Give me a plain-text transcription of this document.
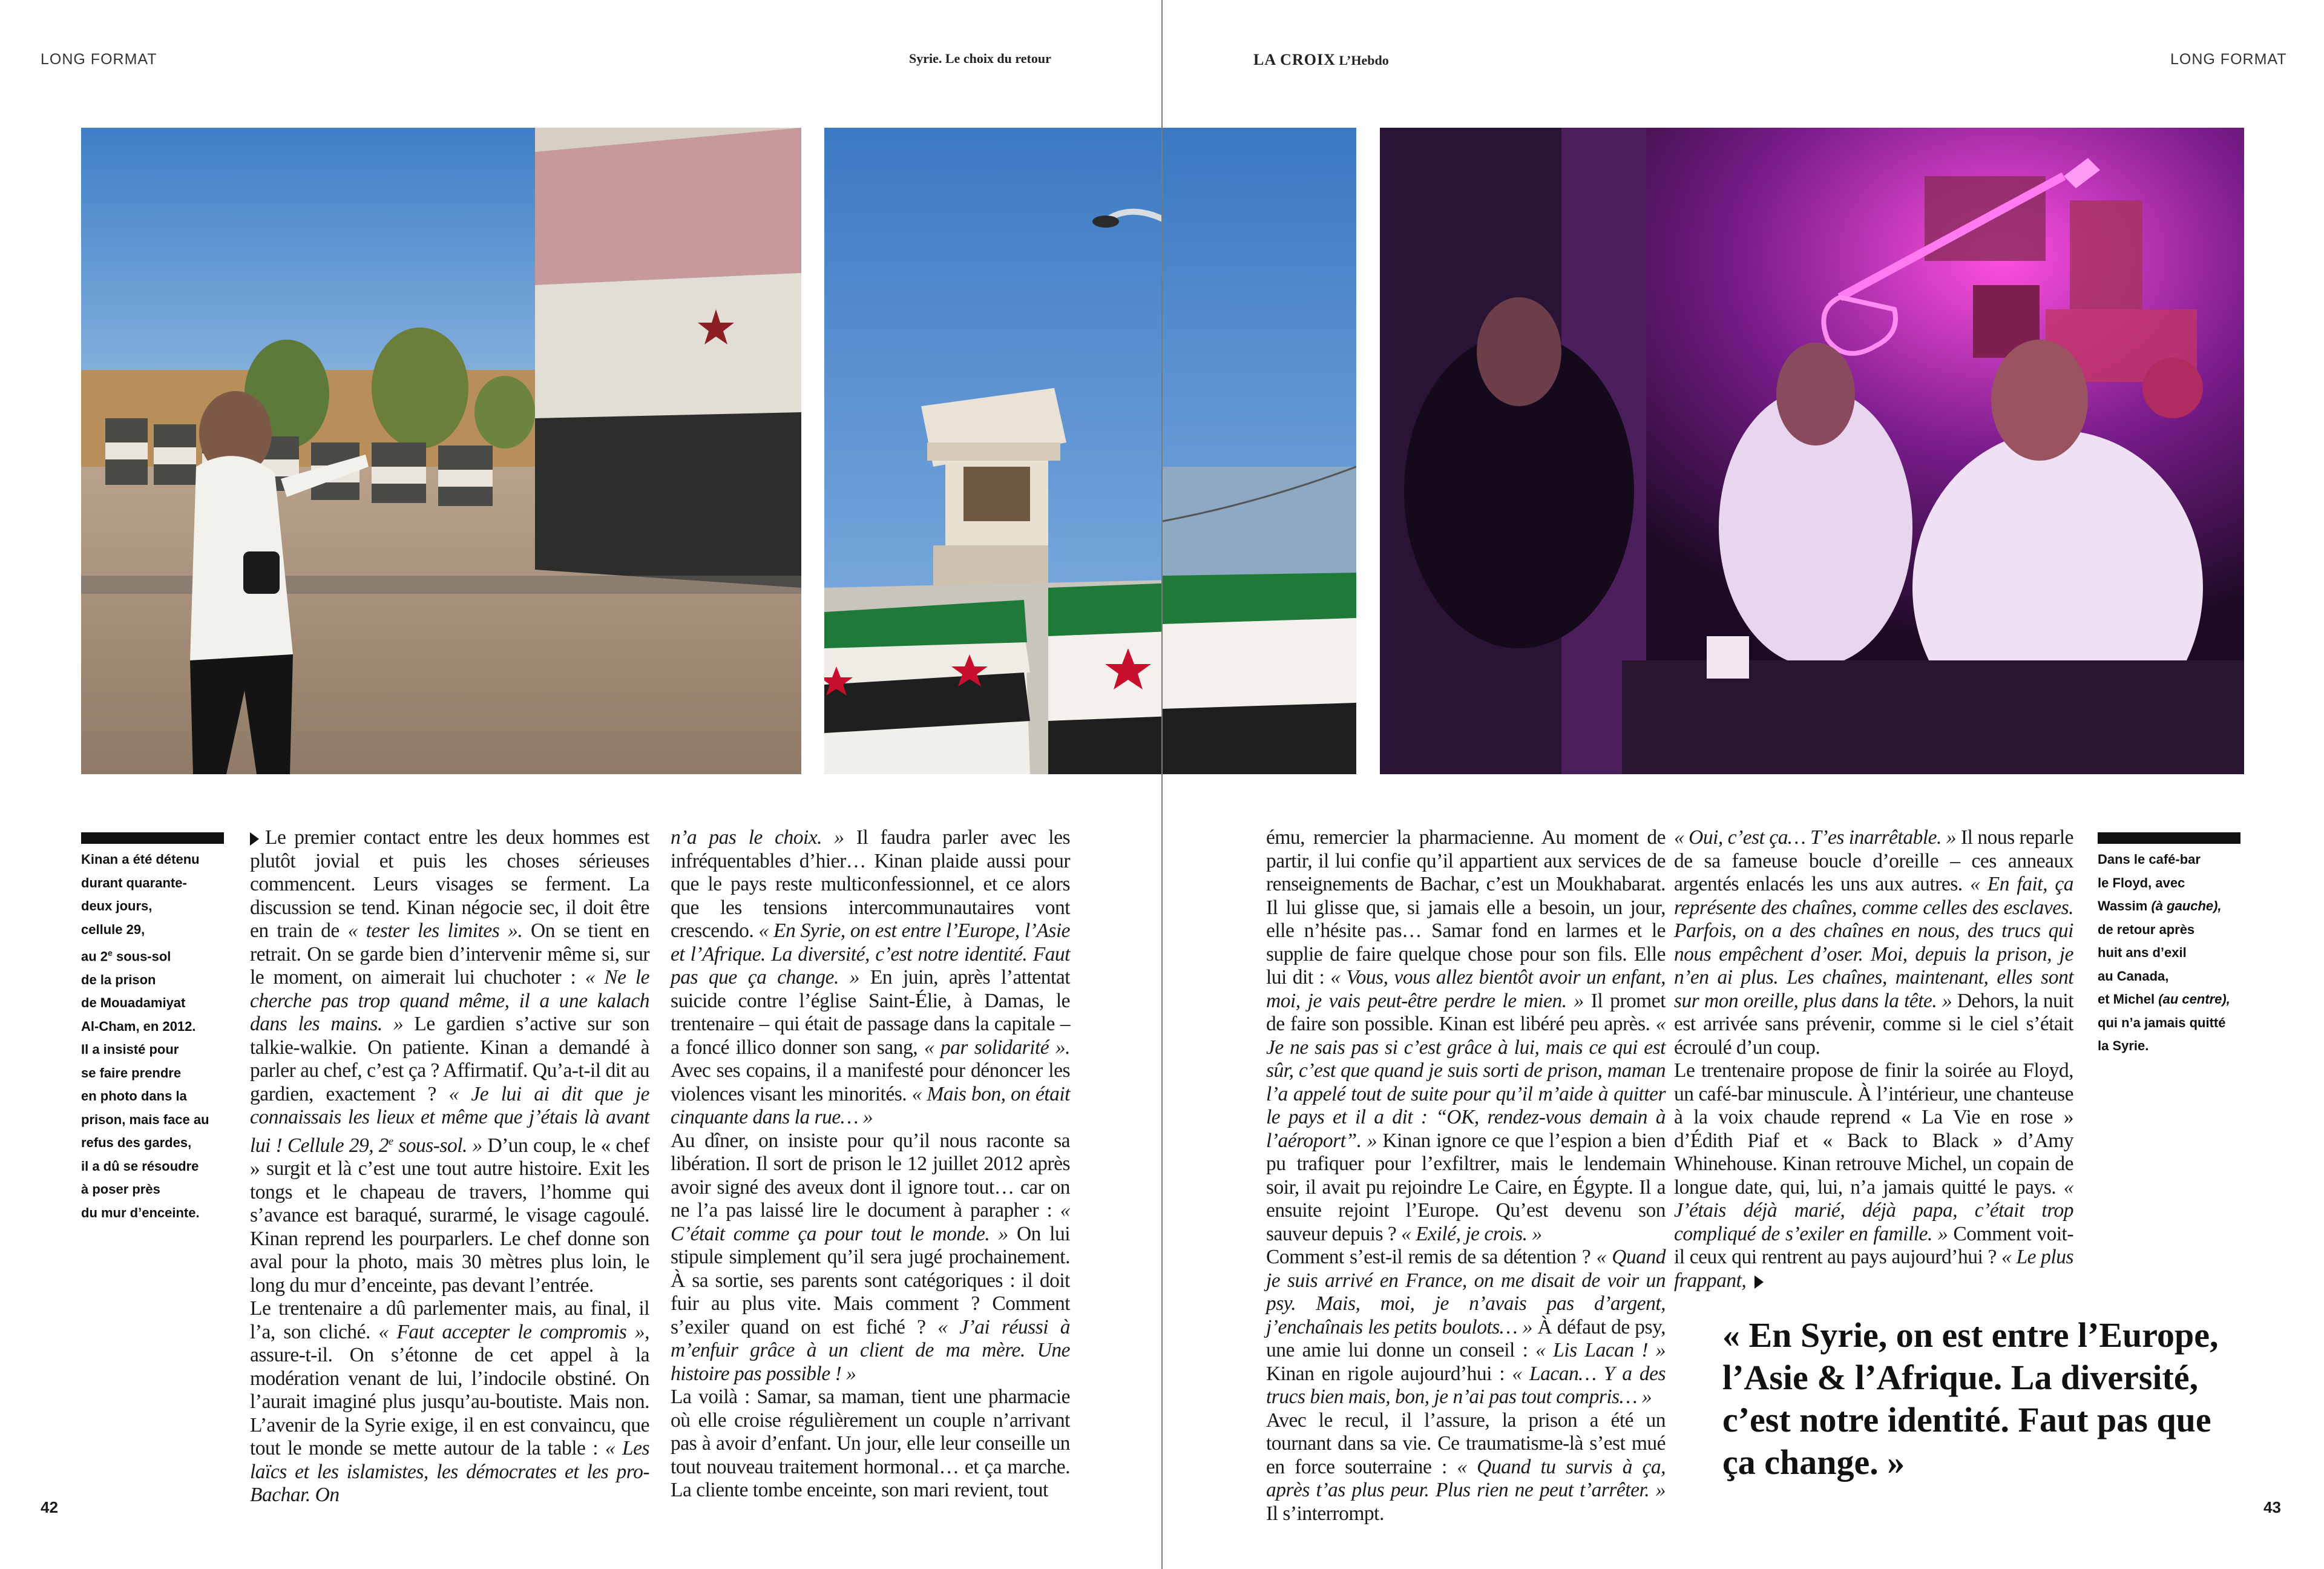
LONG FORMAT	Syrie. Le choix du retour
Kinan a été détenu
durant quarante-
deux jours,
cellule 29,
au 2e sous-sol
de la prison
de Mouadamiyat
Al-Cham, en 2012.
Il a insisté pour
se faire prendre
en photo dans la
prison, mais face au
refus des gardes,
il a dû se résoudre
à poser près
du mur d’enceinte.

Le premier contact entre les deux hommes est plutôt jovial et puis les choses sérieuses commencent. Leurs visages se ferment. La discussion se tend. Kinan négocie sec, il doit être en train de « tester les limites ». On se tient en retrait. On se garde bien d’intervenir même si, sur le moment, on aimerait lui chuchoter : « Ne le cherche pas trop quand même, il a une kalach dans les mains. » Le gardien s’active sur son talkie-walkie. On patiente. Kinan a demandé à parler au chef, c’est ça ? Affirmatif. Qu’a-t-il dit au gardien, exactement ? « Je lui ai dit que je connaissais les lieux et même que j’étais là avant lui ! Cellule 29, 2e sous-sol. » D’un coup, le « chef » surgit et là c’est une tout autre histoire. Exit les tongs et le chapeau de travers, l’homme qui s’avance est baraqué, surarmé, le visage cagoulé. Kinan reprend les pourparlers. Le chef donne son aval pour la photo, mais 30 mètres plus loin, le long du mur d’enceinte, pas devant l’entrée.

Le trentenaire a dû parlementer mais, au final, il l’a, son cliché. « Faut accepter le compromis », assure-t-il. On s’étonne de cet appel à la modération venant de lui, l’indocile obstiné. On l’aurait imaginé plus jusqu’au-boutiste. Mais non. L’avenir de la Syrie exige, il en est convaincu, que tout le monde se mette autour de la table : « Les laïcs et les islamistes, les démocrates et les pro-Bachar. On

n’a pas le choix. » Il faudra parler avec les infréquentables d’hier… Kinan plaide aussi pour que le pays reste multiconfessionnel, et ce alors que les tensions intercommunautaires vont crescendo. « En Syrie, on est entre l’Europe, l’Asie et l’Afrique. La diversité, c’est notre identité. Faut pas que ça change. » En juin, après l’attentat suicide contre l’église Saint-Élie, à Damas, le trentenaire – qui était de passage dans la capitale – a foncé illico donner son sang, « par solidarité ». Avec ses copains, il a manifesté pour dénoncer les violences visant les minorités. « Mais bon, on était cinquante dans la rue… »

Au dîner, on insiste pour qu’il nous raconte sa libération. Il sort de prison le 12 juillet 2012 après avoir signé des aveux dont il ignore tout… car on ne l’a pas laissé lire le document à parapher : « C’était comme ça pour tout le monde. » On lui stipule simplement qu’il sera jugé prochainement. À sa sortie, ses parents sont catégoriques : il doit fuir au plus vite. Mais comment ? Comment s’exiler quand on est fiché ? « J’ai réussi à m’enfuir grâce à un client de ma mère. Une histoire pas possible ! »

La voilà : Samar, sa maman, tient une pharmacie où elle croise régulièrement un couple n’arrivant pas à avoir d’enfant. Un jour, elle leur conseille un tout nouveau traitement hormonal… et ça marche. La cliente tombe enceinte, son mari revient, tout

42
LA CROIX L’Hebdo	LONG FORMAT

ému, remercier la pharmacienne. Au moment de partir, il lui confie qu’il appartient aux services de renseignements de Bachar, c’est un Moukhabarat. Il lui glisse que, si jamais elle a besoin, un jour, elle n’hésite pas… Samar fond en larmes et le supplie de faire quelque chose pour son fils. Elle lui dit : « Vous, vous allez bientôt avoir un enfant, moi, je vais peut-être perdre le mien. » Il promet de faire son possible. Kinan est libéré peu après. « Je ne sais pas si c’est grâce à lui, mais ce qui est sûr, c’est que quand je suis sorti de prison, maman l’a appelé tout de suite pour qu’il m’aide à quitter le pays et il a dit : “OK, rendez-vous demain à l’aéroport”. » Kinan ignore ce que l’espion a bien pu trafiquer pour l’exfiltrer, mais le lendemain soir, il avait pu rejoindre Le Caire, en Égypte. Il a ensuite rejoint l’Europe. Qu’est devenu son sauveur depuis ? « Exilé, je crois. »

Comment s’est-il remis de sa détention ? « Quand je suis arrivé en France, on me disait de voir un psy. Mais, moi, je n’avais pas d’argent, j’enchaînais les petits boulots… » À défaut de psy, une amie lui donne un conseil : « Lis Lacan ! » Kinan en rigole aujourd’hui : « Lacan… Y a des trucs bien mais, bon, je n’ai pas tout compris… »

Avec le recul, il l’assure, la prison a été un tournant dans sa vie. Ce traumatisme-là s’est mué en force souterraine : « Quand tu survis à ça, après t’as plus peur. Plus rien ne peut t’arrêter. » Il s’interrompt.

« Oui, c’est ça… T’es inarrêtable. » Il nous reparle de sa fameuse boucle d’oreille – ces anneaux argentés enlacés les uns aux autres. « En fait, ça représente des chaînes, comme celles des esclaves. Parfois, on a des chaînes en nous, des trucs qui nous empêchent d’oser. Moi, depuis la prison, je n’en ai plus. Les chaînes, maintenant, elles sont sur mon oreille, plus dans la tête. » Dehors, la nuit est arrivée sans prévenir, comme si le ciel s’était écroulé d’un coup.

Le trentenaire propose de finir la soirée au Floyd, un café-bar minuscule. À l’intérieur, une chanteuse à la voix chaude reprend « La Vie en rose » d’Édith Piaf et « Back to Black » d’Amy Whinehouse. Kinan retrouve Michel, un copain de longue date, qui, lui, n’a jamais quitté le pays. « J’étais déjà marié, déjà papa, c’était trop compliqué de s’exiler en famille. » Comment voit-il ceux qui rentrent au pays aujourd’hui ? « Le plus frappant,

Dans le café-bar
le Floyd, avec
Wassim (à gauche),
de retour après
huit ans d’exil
au Canada,
et Michel (au centre),
qui n’a jamais quitté
la Syrie.
43
« En Syrie, on est entre l’Europe, l’Asie & l’Afrique. La diversité, c’est notre identité. Faut pas que ça change. »
